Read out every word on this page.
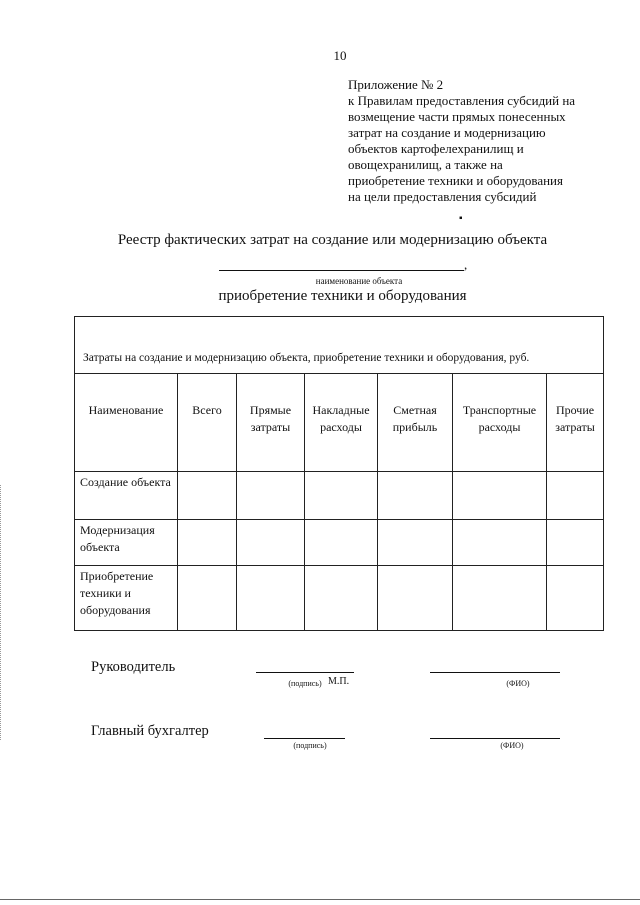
10
Приложение № 2
к Правилам предоставления субсидий на
возмещение части прямых понесенных
затрат на создание и модернизацию
объектов картофелехранилищ и
овощехранилищ, а также на
приобретение техники и оборудования
на цели предоставления субсидий
▪
Реестр фактических затрат на создание или модернизацию объекта
,
наименование объекта
приобретение техники и оборудования
Затраты на создание и модернизацию объекта, приобретение техники и оборудования, руб.						
Наименование	Всего	Прямые затраты	Накладные расходы	Сметная прибыль	Транспортные расходы	Прочие затраты
Создание объекта						
Модернизация объекта						
Приобретение техники и оборудования						
Руководитель
(подпись) М.П.	(ФИО)
Главный бухгалтер
(подпись)	(ФИО)
